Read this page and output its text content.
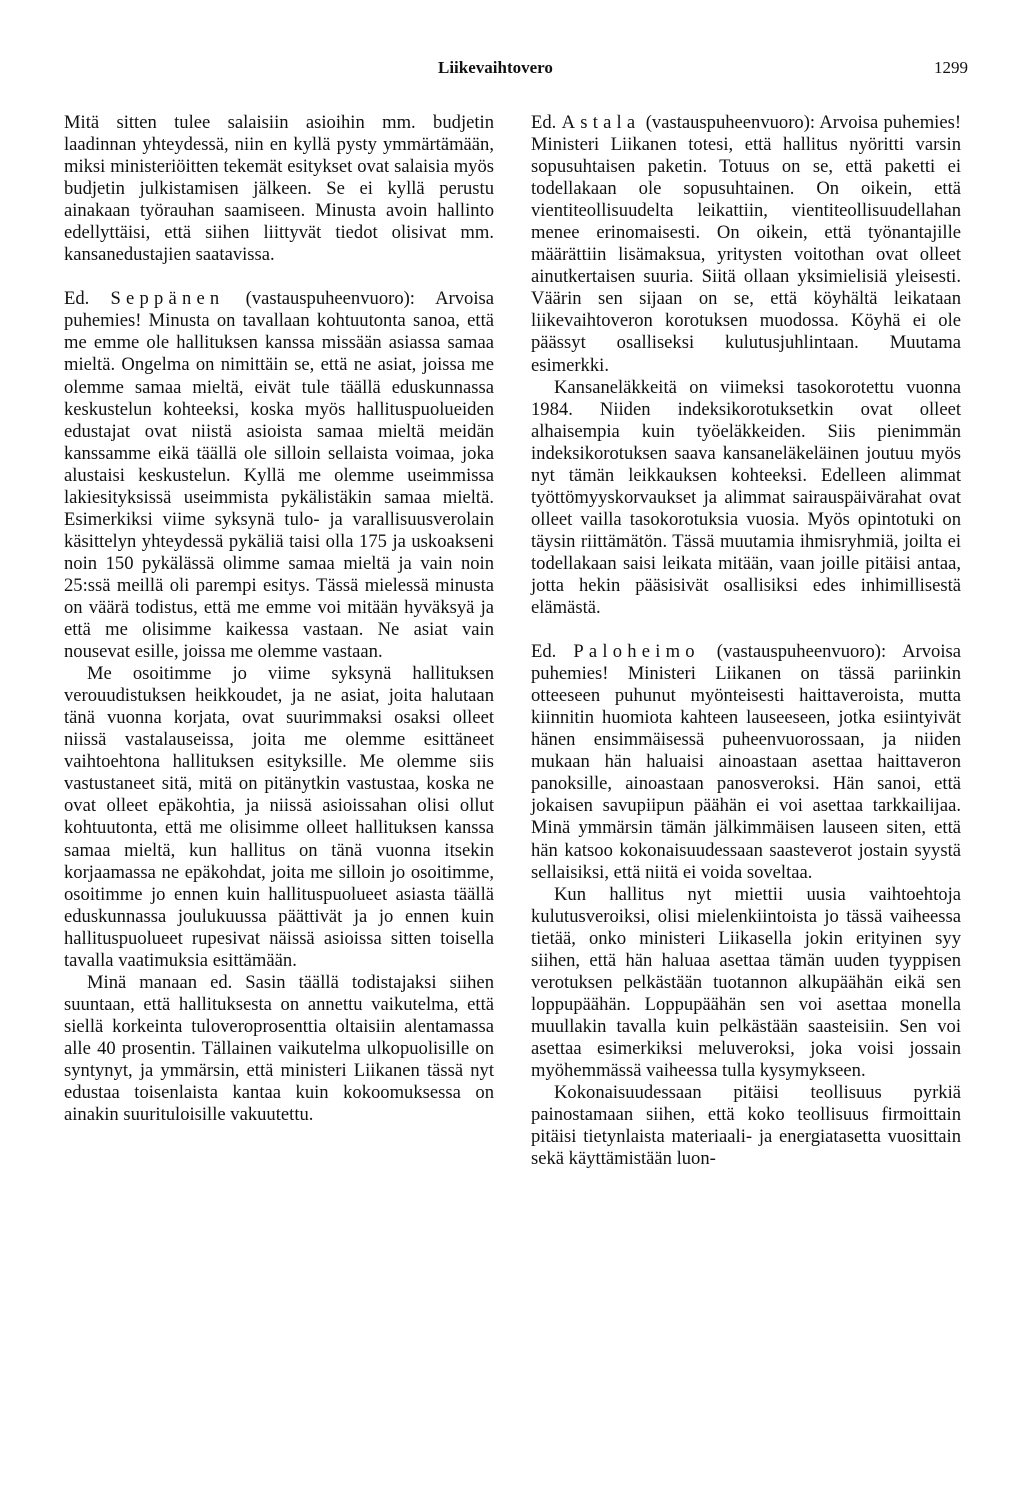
Liikevaihtovero	1299

Mitä sitten tulee salaisiin asioihin mm. budjetin laadinnan yhteydessä, niin en kyllä pysty ymmärtämään, miksi ministeriöitten tekemät esitykset ovat salaisia myös budjetin julkistamisen jälkeen. Se ei kyllä perustu ainakaan työrauhan saamiseen. Minusta avoin hallinto edellyttäisi, että siihen liittyvät tiedot olisivat mm. kansanedustajien saatavissa.

Ed. Seppänen (vastauspuheenvuoro): Arvoisa puhemies! Minusta on tavallaan kohtuutonta sanoa, että me emme ole hallituksen kanssa missään asiassa samaa mieltä. Ongelma on nimittäin se, että ne asiat, joissa me olemme samaa mieltä, eivät tule täällä eduskunnassa keskustelun kohteeksi, koska myös hallituspuolueiden edustajat ovat niistä asioista samaa mieltä meidän kanssamme eikä täällä ole silloin sellaista voimaa, joka alustaisi keskustelun. Kyllä me olemme useimmissa lakiesityksissä useimmista pykälistäkin samaa mieltä. Esimerkiksi viime syksynä tulo- ja varallisuusverolain käsittelyn yhteydessä pykäliä taisi olla 175 ja uskoakseni noin 150 pykälässä olimme samaa mieltä ja vain noin 25:ssä meillä oli parempi esitys. Tässä mielessä minusta on väärä todistus, että me emme voi mitään hyväksyä ja että me olisimme kaikessa vastaan. Ne asiat vain nousevat esille, joissa me olemme vastaan.

Me osoitimme jo viime syksynä hallituksen verouudistuksen heikkoudet, ja ne asiat, joita halutaan tänä vuonna korjata, ovat suurimmaksi osaksi olleet niissä vastalauseissa, joita me olemme esittäneet vaihtoehtona hallituksen esityksille. Me olemme siis vastustaneet sitä, mitä on pitänytkin vastustaa, koska ne ovat olleet epäkohtia, ja niissä asioissahan olisi ollut kohtuutonta, että me olisimme olleet hallituksen kanssa samaa mieltä, kun hallitus on tänä vuonna itsekin korjaamassa ne epäkohdat, joita me silloin jo osoitimme, osoitimme jo ennen kuin hallituspuolueet asiasta täällä eduskunnassa joulukuussa päättivät ja jo ennen kuin hallituspuolueet rupesivat näissä asioissa sitten toisella tavalla vaatimuksia esittämään.

Minä manaan ed. Sasin täällä todistajaksi siihen suuntaan, että hallituksesta on annettu vaikutelma, että siellä korkeinta tuloveroprosenttia oltaisiin alentamassa alle 40 prosentin. Tällainen vaikutelma ulkopuolisille on syntynyt, ja ymmärsin, että ministeri Liikanen tässä nyt edustaa toisenlaista kantaa kuin kokoomuksessa on ainakin suurituloisille vakuutettu.

Ed. Astala (vastauspuheenvuoro): Arvoisa puhemies! Ministeri Liikanen totesi, että hallitus nyöritti varsin sopusuhtaisen paketin. Totuus on se, että paketti ei todellakaan ole sopusuhtainen. On oikein, että vientiteollisuudelta leikattiin, vientiteollisuudellahan menee erinomaisesti. On oikein, että työnantajille määrättiin lisämaksua, yritysten voitothan ovat olleet ainutkertaisen suuria. Siitä ollaan yksimielisiä yleisesti. Väärin sen sijaan on se, että köyhältä leikataan liikevaihtoveron korotuksen muodossa. Köyhä ei ole päässyt osalliseksi kulutusjuhlintaan. Muutama esimerkki.

Kansaneläkkeitä on viimeksi tasokorotettu vuonna 1984. Niiden indeksikorotuksetkin ovat olleet alhaisempia kuin työeläkkeiden. Siis pienimmän indeksikorotuksen saava kansaneläkeläinen joutuu myös nyt tämän leikkauksen kohteeksi. Edelleen alimmat työttömyyskorvaukset ja alimmat sairauspäivärahat ovat olleet vailla tasokorotuksia vuosia. Myös opintotuki on täysin riittämätön. Tässä muutamia ihmisryhmiä, joilta ei todellakaan saisi leikata mitään, vaan joille pitäisi antaa, jotta hekin pääsisivät osallisiksi edes inhimillisestä elämästä.

Ed. Paloheimo (vastauspuheenvuoro): Arvoisa puhemies! Ministeri Liikanen on tässä pariinkin otteeseen puhunut myönteisesti haittaveroista, mutta kiinnitin huomiota kahteen lauseeseen, jotka esiintyivät hänen ensimmäisessä puheenvuorossaan, ja niiden mukaan hän haluaisi ainoastaan asettaa haittaveron panoksille, ainoastaan panosveroksi. Hän sanoi, että jokaisen savupiipun päähän ei voi asettaa tarkkailijaa. Minä ymmärsin tämän jälkimmäisen lauseen siten, että hän katsoo kokonaisuudessaan saasteverot jostain syystä sellaisiksi, että niitä ei voida soveltaa.

Kun hallitus nyt miettii uusia vaihtoehtoja kulutusveroiksi, olisi mielenkiintoista jo tässä vaiheessa tietää, onko ministeri Liikasella jokin erityinen syy siihen, että hän haluaa asettaa tämän uuden tyyppisen verotuksen pelkästään tuotannon alkupäähän eikä sen loppupäähän. Loppupäähän sen voi asettaa monella muullakin tavalla kuin pelkästään saasteisiin. Sen voi asettaa esimerkiksi meluveroksi, joka voisi jossain myöhemmässä vaiheessa tulla kysymykseen.

Kokonaisuudessaan pitäisi teollisuus pyrkiä painostamaan siihen, että koko teollisuus firmoittain pitäisi tietynlaista materiaali- ja energiatasetta vuosittain sekä käyttämistään luon-
